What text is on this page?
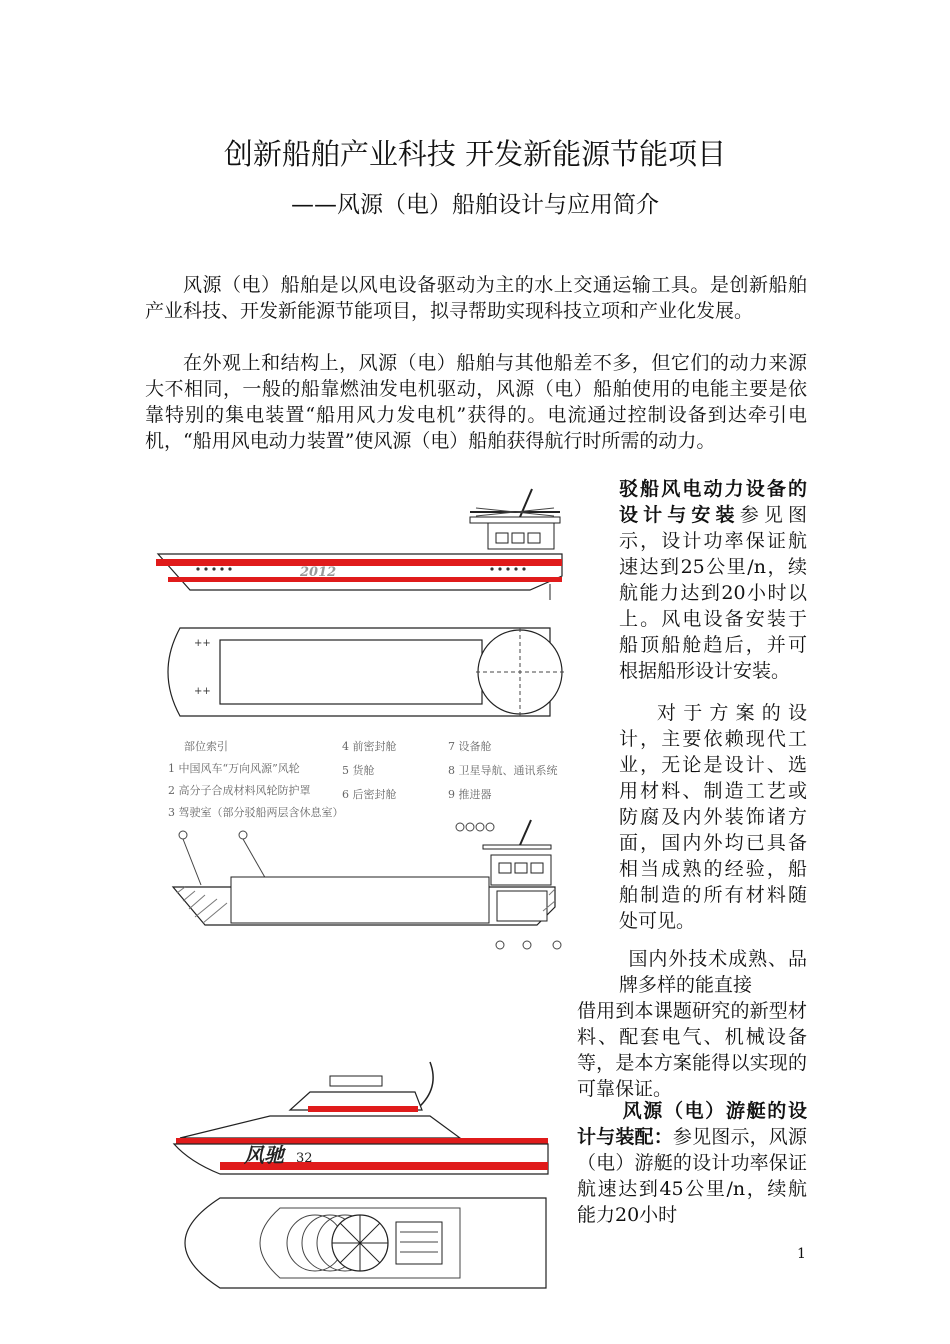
创新船舶产业科技 开发新能源节能项目
——风源（电）船舶设计与应用简介

风源（电）船舶是以风电设备驱动为主的水上交通运输工具。是创新船舶产业科技、开发新能源节能项目，拟寻帮助实现科技立项和产业化发展。

在外观上和结构上，风源（电）船舶与其他船差不多，但它们的动力来源大不相同，一般的船靠燃油发电机驱动，风源（电）船舶使用的电能主要是依靠特别的集电装置“船用风力发电机”获得的。电流通过控制设备到达牵引电机，“船用风电动力装置”使风源（电）船舶获得航行时所需的动力。

驳船风电动力设备的设计与安装参见图示，设计功率保证航速达到25公里/n，续航能力达到20小时以上。风电设备安装于船顶船舱趋后，并可根据船形设计安装。

对于方案的设计，主要依赖现代工业，无论是设计、选用材料、制造工艺或防腐及内外装饰诸方面，国内外均已具备相当成熟的经验，船舶制造的所有材料随处可见。

国内外技术成熟、品牌多样的能直接

借用到本课题研究的新型材料、配套电气、机械设备等，是本方案能得以实现的可靠保证。

风源（电）游艇的设计与装配：参见图示，风源（电）游艇的设计功率保证航速达到45公里/n，续航能力20小时

2012
++
++
部位索引
1 中国风车“万向风源”风轮
2 高分子合成材料风轮防护罩
3 驾驶室（部分驳船两层含休息室）
4 前密封舱
5 货舱
6 后密封舱
7 设备舱
8 卫星导航、通讯系统
9 推进器
风驰 32
1
